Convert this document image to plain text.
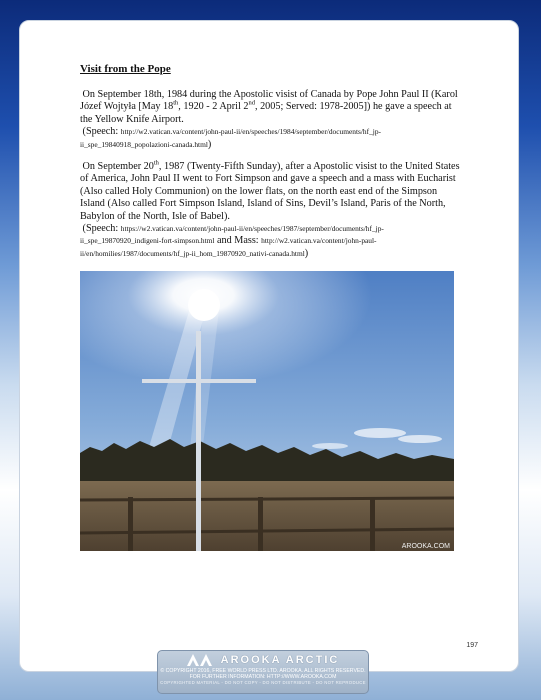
Visit from the Pope

On September 18th, 1984 during the Apostolic visist of Canada by Pope John Paul II (Karol Józef Wojtyła [May 18th, 1920 - 2 April 2nd, 2005; Served: 1978-2005]) he gave a speech at the Yellow Knife Airport.

(Speech: http://w2.vatican.va/content/john-paul-ii/en/speeches/1984/september/documents/hf_jp-ii_spe_19840918_popolazioni-canada.html)

On September 20th, 1987 (Twenty-Fifth Sunday), after a Apostolic visist to the United States of America, John Paul II went to Fort Simpson and gave a speech and a mass with Eucharist (Also called Holy Communion) on the lower flats, on the north east end of the Simpson Island (Also called Fort Simpson Island, Island of Sins, Devil’s Island, Paris of the North, Babylon of the North, Isle of Babel).

(Speech: https://w2.vatican.va/content/john-paul-ii/en/speeches/1987/september/documents/hf_jp-ii_spe_19870920_indigeni-fort-simpson.html and Mass: http://w2.vatican.va/content/john-paul-ii/en/homilies/1987/documents/hf_jp-ii_hom_19870920_nativi-canada.html)

AROOKA.COM
197
AROOKA ARCTIC
© COPYRIGHT 2016, FREE WORLD PRESS LTD. AROOKA. ALL RIGHTS RESERVED.
FOR FURTHER INFORMATION: HTTP://WWW.AROOKA.COM
COPYRIGHTED MATERIAL - DO NOT COPY - DO NOT DISTRIBUTE - DO NOT REPRODUCE
